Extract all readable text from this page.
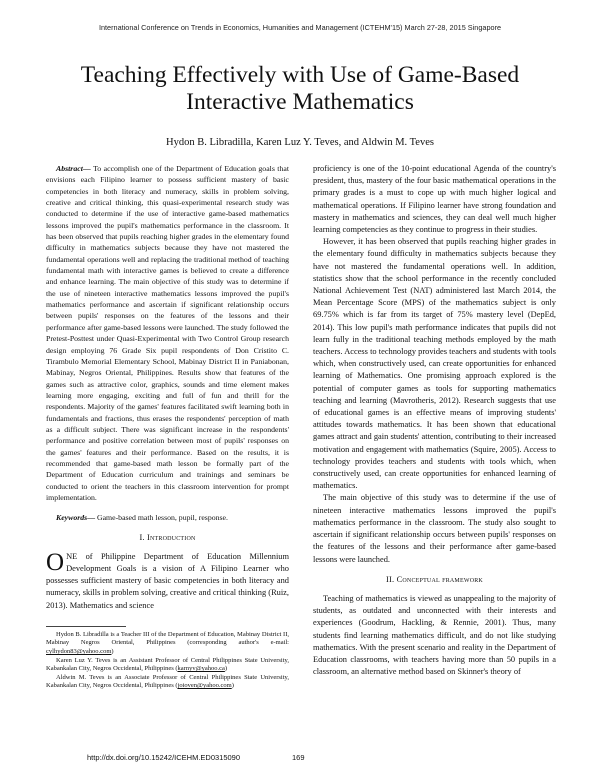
International Conference on Trends in Economics, Humanities and Management (ICTEHM'15) March 27-28, 2015 Singapore
Teaching Effectively with Use of Game-Based Interactive Mathematics
Hydon B. Libradilla, Karen Luz Y. Teves, and Aldwin M. Teves

Abstract— To accomplish one of the Department of Education goals that envisions each Filipino learner to possess sufficient mastery of basic competencies in both literacy and numeracy, skills in problem solving, creative and critical thinking, this quasi-experimental research study was conducted to determine if the use of interactive game-based mathematics lessons improved the pupil's mathematics performance in the classroom. It has been observed that pupils reaching higher grades in the elementary found difficulty in mathematics subjects because they have not mastered the fundamental operations well and replacing the traditional method of teaching fundamental math with interactive games is believed to create a difference and enhance learning. The main objective of this study was to determine if the use of nineteen interactive mathematics lessons improved the pupil's mathematics performance and ascertain if significant relationship occurs between pupils' responses on the features of the lessons and their performance after game-based lessons were launched. The study followed the Pretest-Posttest under Quasi-Experimental with Two Control Group research design employing 76 Grade Six pupil respondents of Don Cristito C. Tirambulo Memorial Elementary School, Mabinay District II in Paniabonan, Mabinay, Negros Oriental, Philippines. Results show that features of the games such as attractive color, graphics, sounds and time element makes learning more engaging, exciting and full of fun and thrill for the respondents. Majority of the games' features facilitated swift learning both in fundamentals and fractions, thus erases the respondents' perception of math as a difficult subject. There was significant increase in the respondents' performance and positive correlation between most of pupils' responses on the games' features and their performance. Based on the results, it is recommended that game-based math lesson be formally part of the Department of Education curriculum and trainings and seminars be conducted to orient the teachers in this classroom intervention for prompt implementation.

Keywords— Game-based math lesson, pupil, response.

I. Introduction

ONE of Philippine Department of Education Millennium Development Goals is a vision of A Filipino Learner who possesses sufficient mastery of basic competencies in both literacy and numeracy, skills in problem solving, creative and critical thinking (Ruiz, 2013). Mathematics and science

Hydon B. Libradilla is a Teacher III of the Department of Education, Mabinay District II, Mabinay Negros Oriental, Philippines (corresponding author's e-mail: cylhydon83@yahoo.com)

Karen Luz Y. Teves is an Assistant Professor of Central Philippines State University, Kabankalan City, Negros Occidental, Philippines (karnyv@yahoo.ca)

Aldwin M. Teves is an Associate Professor of Central Philippines State University, Kabankalan City, Negros Occidental, Philippines (joioven@yahoo.com)

proficiency is one of the 10-point educational Agenda of the country's president, thus, mastery of the four basic mathematical operations in the primary grades is a must to cope up with much higher logical and mathematical operations. If Filipino learner have strong foundation and mastery in mathematics and sciences, they can deal well much higher learning competencies as they continue to progress in their studies.

However, it has been observed that pupils reaching higher grades in the elementary found difficulty in mathematics subjects because they have not mastered the fundamental operations well. In addition, statistics show that the school performance in the recently concluded National Achievement Test (NAT) administered last March 2014, the Mean Percentage Score (MPS) of the mathematics subject is only 69.75% which is far from its target of 75% mastery level (DepEd, 2014). This low pupil's math performance indicates that pupils did not learn fully in the traditional teaching methods employed by the math teachers. Access to technology provides teachers and students with tools which, when constructively used, can create opportunities for enhanced learning of Mathematics. One promising approach explored is the potential of computer games as tools for supporting mathematics teaching and learning (Mavrotheris, 2012). Research suggests that use of educational games is an effective means of improving students' attitudes towards mathematics. It has been shown that educational games attract and gain students' attention, contributing to their increased motivation and engagement with mathematics (Squire, 2005). Access to technology provides teachers and students with tools which, when constructively used, can create opportunities for enhanced learning of mathematics.

The main objective of this study was to determine if the use of nineteen interactive mathematics lessons improved the pupil's mathematics performance in the classroom. The study also sought to ascertain if significant relationship occurs between pupils' responses on the features of the lessons and their performance after game-based lessons were launched.

II. Conceptual framework

Teaching of mathematics is viewed as unappealing to the majority of students, as outdated and unconnected with their interests and experiences (Goodrum, Hackling, & Rennie, 2001). Thus, many students find learning mathematics difficult, and do not like studying mathematics. With the present scenario and reality in the Department of Education classrooms, with teachers having more than 50 pupils in a classroom, an alternative method based on Skinner's theory of

http://dx.doi.org/10.15242/ICEHM.ED0315090	169
